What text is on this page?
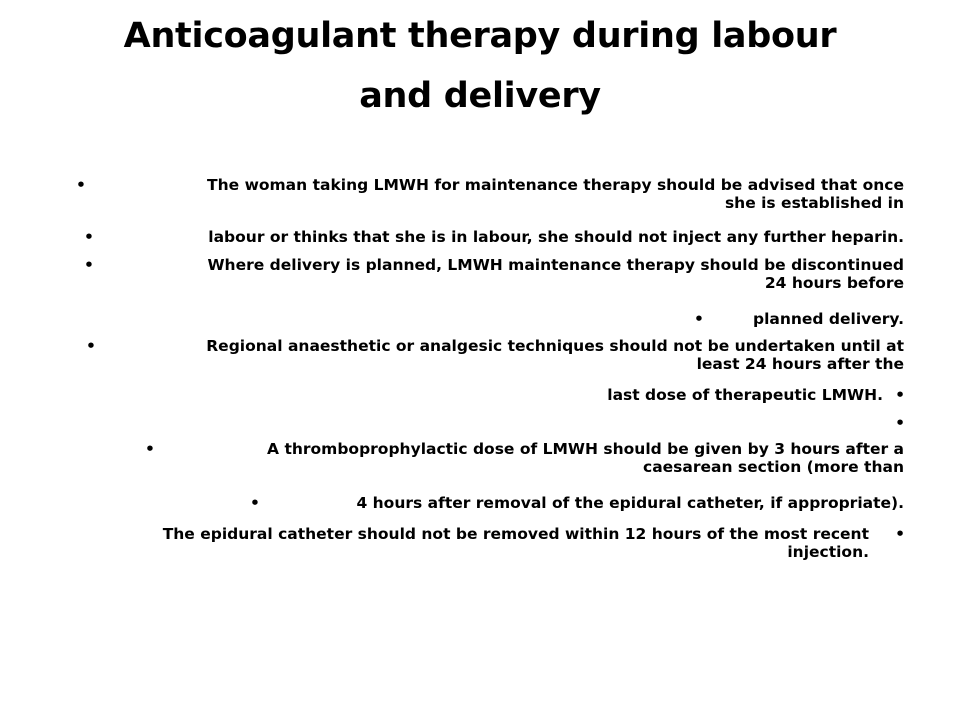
Anticoagulant therapy during labour
and delivery
•	The woman taking LMWH for maintenance therapy should be advised that once
she is established in
•	labour or thinks that she is in labour, she should not inject any further heparin.
•	Where delivery is planned, LMWH maintenance therapy should be discontinued
24 hours before
•	planned delivery.
•	Regional anaesthetic or analgesic techniques should not be undertaken until at
least 24 hours after the
•
last dose of therapeutic LMWH.
•

•	A thromboprophylactic dose of LMWH should be given by 3 hours after a
caesarean section (more than
•	4 hours after removal of the epidural catheter, if appropriate).
•
The epidural catheter should not be removed within 12 hours of the most recent
injection.
